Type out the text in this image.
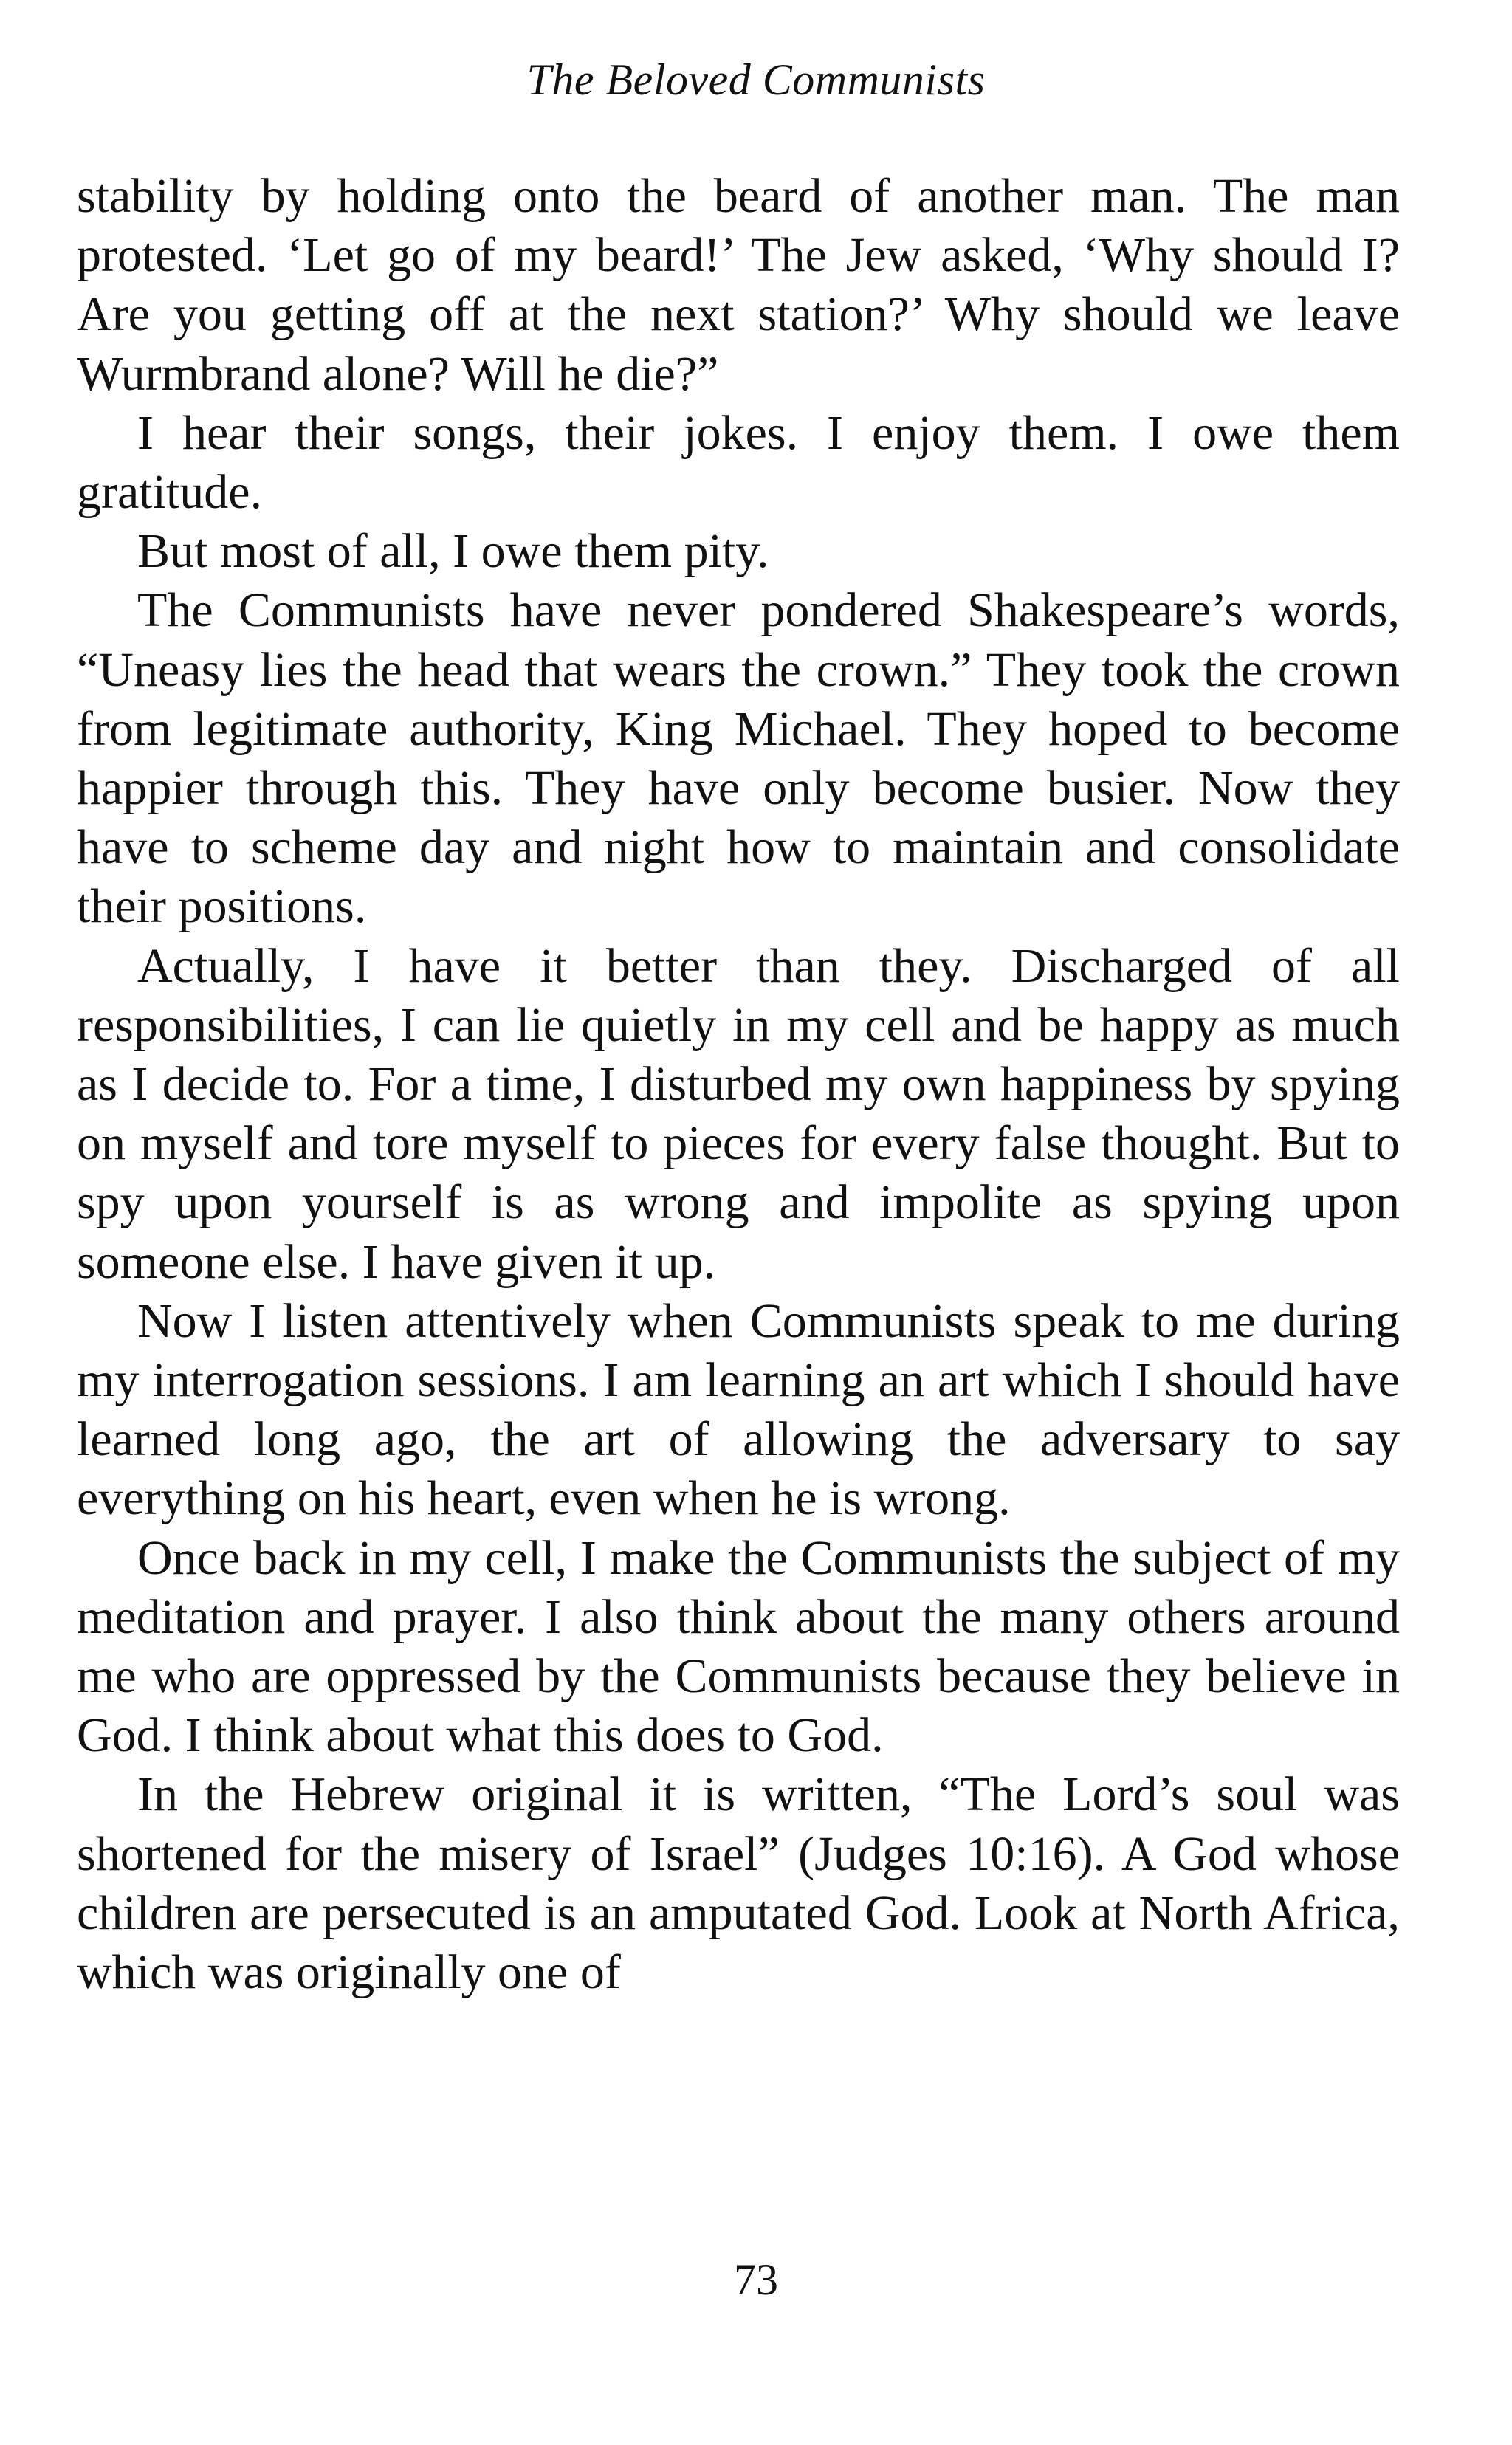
The Beloved Communists

stability by holding onto the beard of another man. The man protested. ‘Let go of my beard!’ The Jew asked, ‘Why should I? Are you getting off at the next station?’ Why should we leave Wurmbrand alone? Will he die?”

I hear their songs, their jokes. I enjoy them. I owe them gratitude.

But most of all, I owe them pity.

The Communists have never pondered Shakespeare’s words, “Uneasy lies the head that wears the crown.” They took the crown from legitimate authority, King Michael. They hoped to become happier through this. They have only become busier. Now they have to scheme day and night how to maintain and consolidate their positions.

Actually, I have it better than they. Discharged of all responsibilities, I can lie quietly in my cell and be happy as much as I decide to. For a time, I disturbed my own happiness by spying on myself and tore myself to pieces for every false thought. But to spy upon yourself is as wrong and impolite as spying upon someone else. I have given it up.

Now I listen attentively when Communists speak to me during my interrogation sessions. I am learning an art which I should have learned long ago, the art of allowing the adversary to say everything on his heart, even when he is wrong.

Once back in my cell, I make the Communists the subject of my meditation and prayer. I also think about the many others around me who are oppressed by the Communists because they believe in God. I think about what this does to God.

In the Hebrew original it is written, “The Lord’s soul was shortened for the misery of Israel” (Judges 10:16). A God whose children are persecuted is an amputated God. Look at North Africa, which was originally one of

73
